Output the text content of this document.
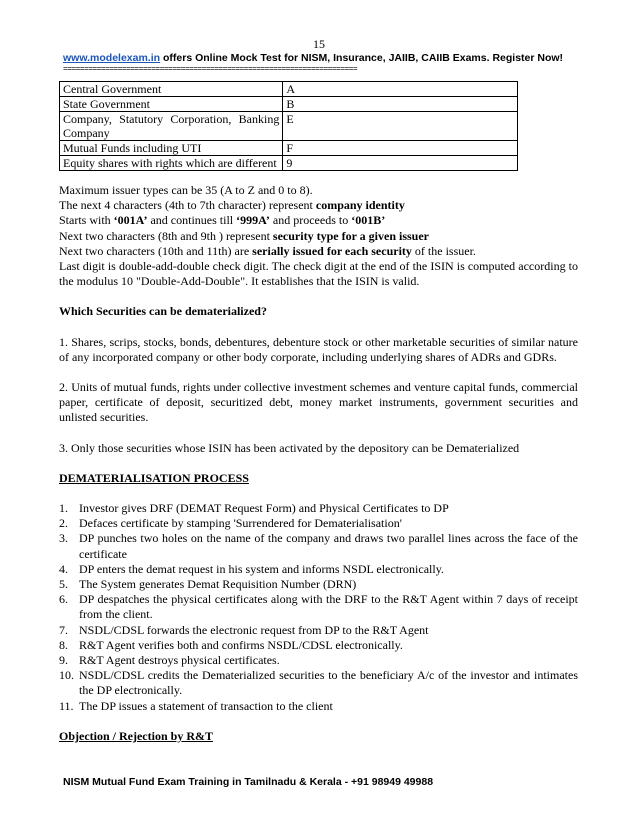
15
www.modelexam.in offers Online Mock Test for NISM, Insurance, JAIIB, CAIIB Exams. Register Now!
======================================================================
Central Government	A
State Government	B
Company, Statutory Corporation, Banking Company	E
Mutual Funds including UTI	F
Equity shares with rights which are different	9

Maximum issuer types can be 35 (A to Z and 0 to 8).

The next 4 characters (4th to 7th character) represent company identity

Starts with ‘001A’ and continues till ‘999A’ and proceeds to ‘001B’

Next two characters (8th and 9th ) represent security type for a given issuer

Next two characters (10th and 11th) are serially issued for each security of the issuer.

Last digit is double-add-double check digit. The check digit at the end of the ISIN is computed according to the modulus 10 "Double-Add-Double". It establishes that the ISIN is valid.

Which Securities can be dematerialized?

1. Shares, scrips, stocks, bonds, debentures, debenture stock or other marketable securities of similar nature of any incorporated company or other body corporate, including underlying shares of ADRs and GDRs.

2. Units of mutual funds, rights under collective investment schemes and venture capital funds, commercial paper, certificate of deposit, securitized debt, money market instruments, government securities and unlisted securities.

3. Only those securities whose ISIN has been activated by the depository can be Dematerialized

DEMATERIALISATION PROCESS

1. Investor gives DRF (DEMAT Request Form) and Physical Certificates to DP
2. Defaces certificate by stamping 'Surrendered for Dematerialisation'
3. DP punches two holes on the name of the company and draws two parallel lines across the face of the certificate
4. DP enters the demat request in his system and informs NSDL electronically.
5. The System generates Demat Requisition Number (DRN)
6. DP despatches the physical certificates along with the DRF to the R&T Agent within 7 days of receipt from the client.
7. NSDL/CDSL forwards the electronic request from DP to the R&T Agent
8. R&T Agent verifies both and confirms NSDL/CDSL electronically.
9. R&T Agent destroys physical certificates.
10. NSDL/CDSL credits the Dematerialized securities to the beneficiary A/c of the investor and intimates the DP electronically.
11. The DP issues a statement of transaction to the client

Objection / Rejection by R&T

NISM Mutual Fund Exam Training in Tamilnadu & Kerala - +91 98949 49988
